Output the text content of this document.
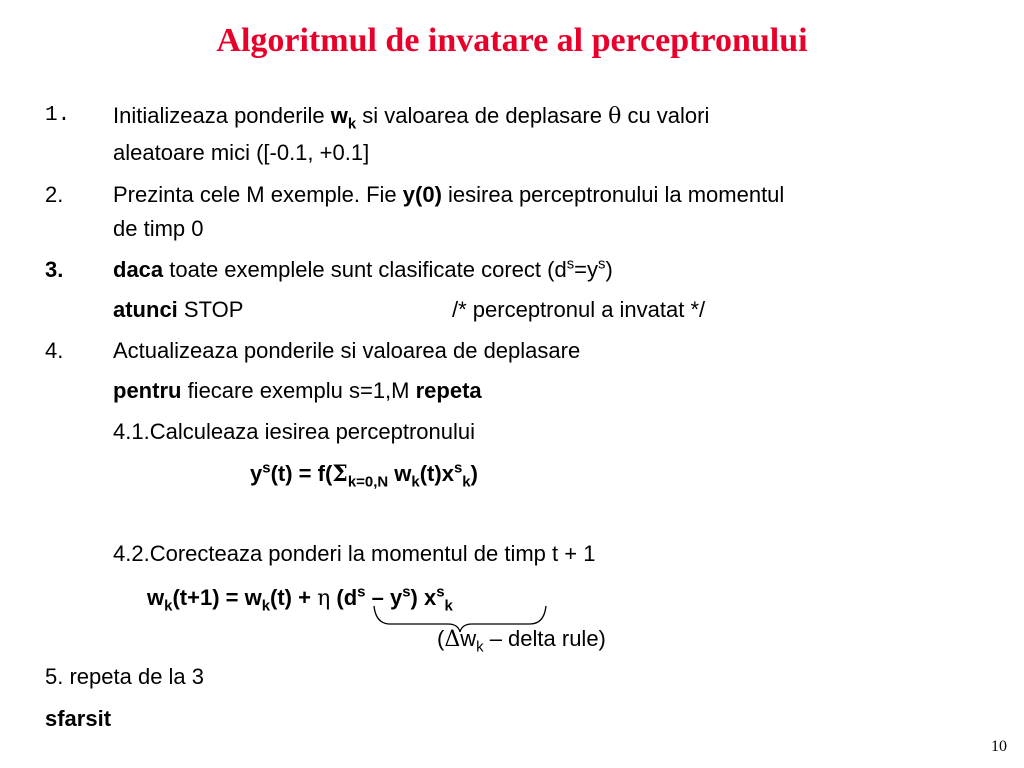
Algoritmul de invatare al perceptronului
1. Initializeaza ponderile $w_k$ si valoarea de deplasare θ cu valori
aleatoare mici ([-0.1, +0.1]
2. Prezinta cele M exemple. Fie y(0) iesirea perceptronului la momentul
de timp 0
3. daca toate exemplele sunt clasificate corect $(d^s=y^s)$
atunci STOP	/* perceptronul a invatat */
4. Actualizeaza ponderile si valoarea de deplasare
pentru fiecare exemplu s=1,M repeta
4.1.Calculeaza iesirea perceptronului
$y^s(t) = f(\Sigma_{k=0,N}$ $w_k(t)x^s_k$)
4.2.Corecteaza ponderi la momentul de timp t + 1
$w_k(t+1) = w_k(t) + \eta$ $(d^s - y^s)$ $x^s_k$
($\Delta w_k$ – delta rule)
5. repeta de la 3
sfarsit
10
